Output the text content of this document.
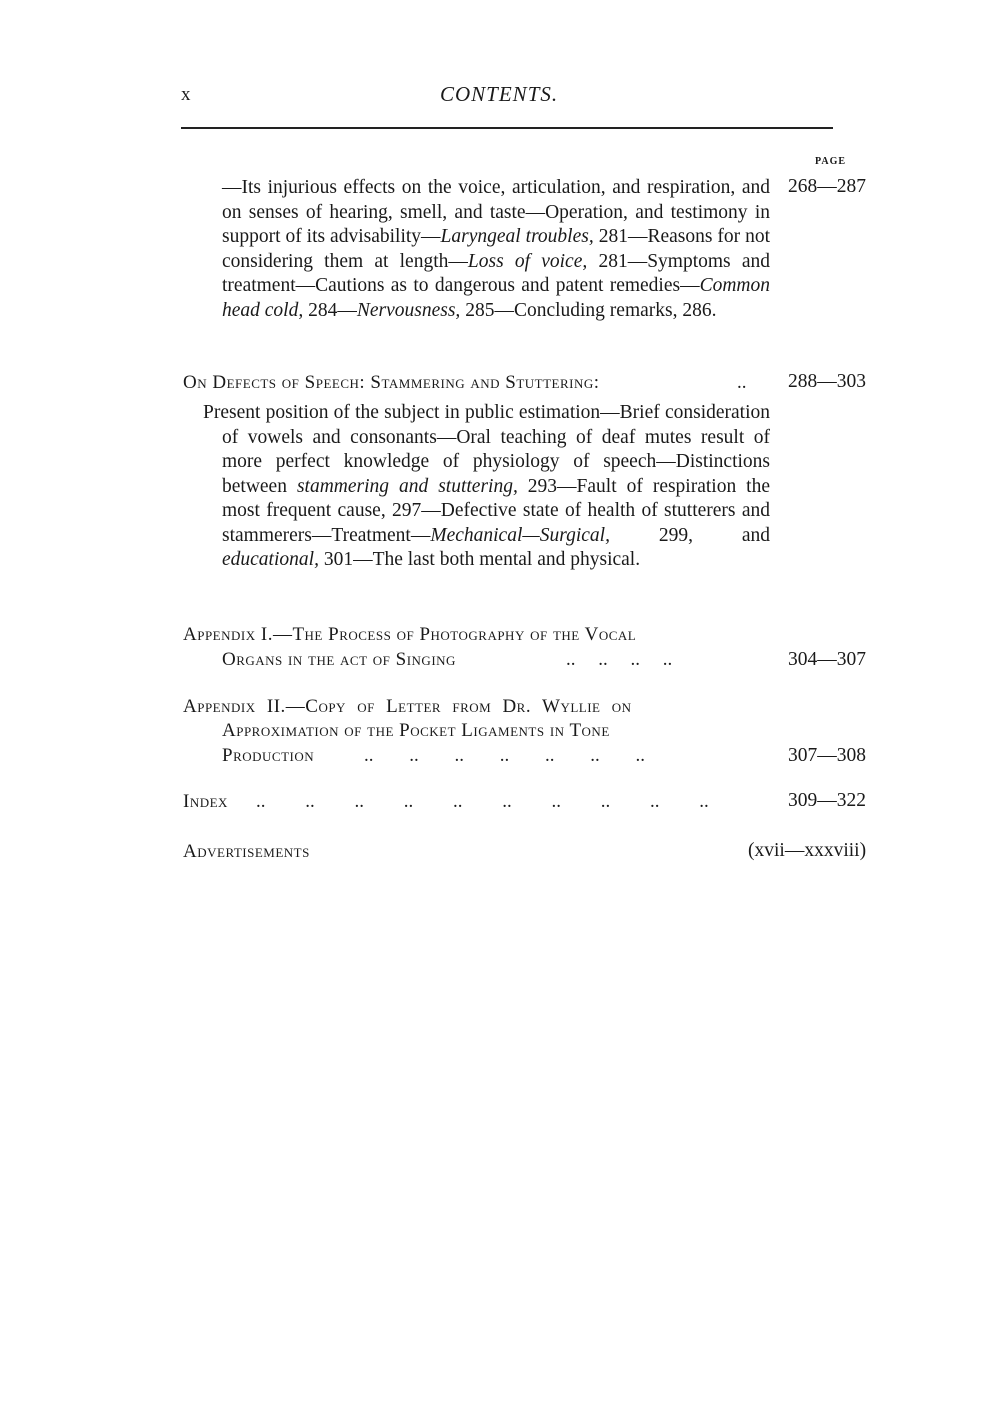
x	CONTENTS.
PAGE
—Its injurious effects on the voice, articulation, and respiration, and on senses of hearing, smell, and taste—Operation, and testimony in support of its advisability—Laryngeal troubles, 281—Reasons for not considering them at length—Loss of voice, 281—Symptoms and treatment—Cautions as to dangerous and patent remedies—Common head cold, 284—Nervousness, 285—Concluding remarks, 286.
268—287
On Defects of Speech: Stammering and Stuttering:	.. 288—303
Present position of the subject in public estimation—Brief consideration of vowels and consonants—Oral teaching of deaf mutes result of more perfect knowledge of physiology of speech—Distinctions between stammering and stuttering, 293—Fault of respiration the most frequent cause, 297—Defective state of health of stutterers and stammerers—Treatment—Mechanical—Surgical, 299, and educational, 301—The last both mental and physical.
Appendix I.—The Process of Photography of the Vocal
Organs in the act of Singing	.. .. .. ..	304—307
Appendix II.—Copy of Letter from Dr. Wyllie on
Approximation of the Pocket Ligaments in Tone
Production	.. .. .. .. .. .. ..	307—308
Index .. .. .. .. .. .. .. .. .. ..	309—322
Advertisements	(xvii—xxxviii)
